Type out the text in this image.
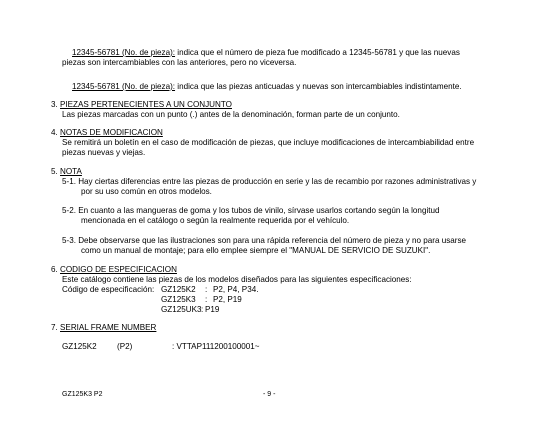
12345-56781 (No. de pieza): indica que el número de pieza fue modificado a 12345-56781 y que las nuevas
piezas son intercambiables con las anteriores, pero no viceversa.
12345-56781 (No. de pieza): indica que las piezas anticuadas y nuevas son intercambiables indistintamente.
3. PIEZAS PERTENECIENTES A UN CONJUNTO
Las piezas marcadas con un punto (.) antes de la denominación, forman parte de un conjunto.
4. NOTAS DE MODIFICACION
Se remitirá un boletín en el caso de modificación de piezas, que incluye modificaciones de intercambiabilidad entre
piezas nuevas y viejas.
5. NOTA
5-1. Hay ciertas diferencias entre las piezas de producción en serie y las de recambio por razones administrativas y
por su uso común en otros modelos.
5-2. En cuanto a las mangueras de goma y los tubos de vinilo, sírvase usarlos cortando según la longitud
mencionada en el catálogo o según la realmente requerida por el vehículo.
5-3. Debe observarse que las ilustraciones son para una rápida referencia del número de pieza y no para usarse
como un manual de montaje; para ello emplee siempre el "MANUAL DE SERVICIO DE SUZUKI".
6. CODIGO DE ESPECIFICACION
Este catálogo contiene las piezas de los modelos diseñados para las siguientes especificaciones:
Código de especificación: GZ125K2 : P2, P4, P34.
GZ125K3 : P2, P19
GZ125UK3: P19
7. SERIAL FRAME NUMBER
GZ125K2	(P2)	: VTTAP111200100001~
GZ125K3 P2	- 9 -
